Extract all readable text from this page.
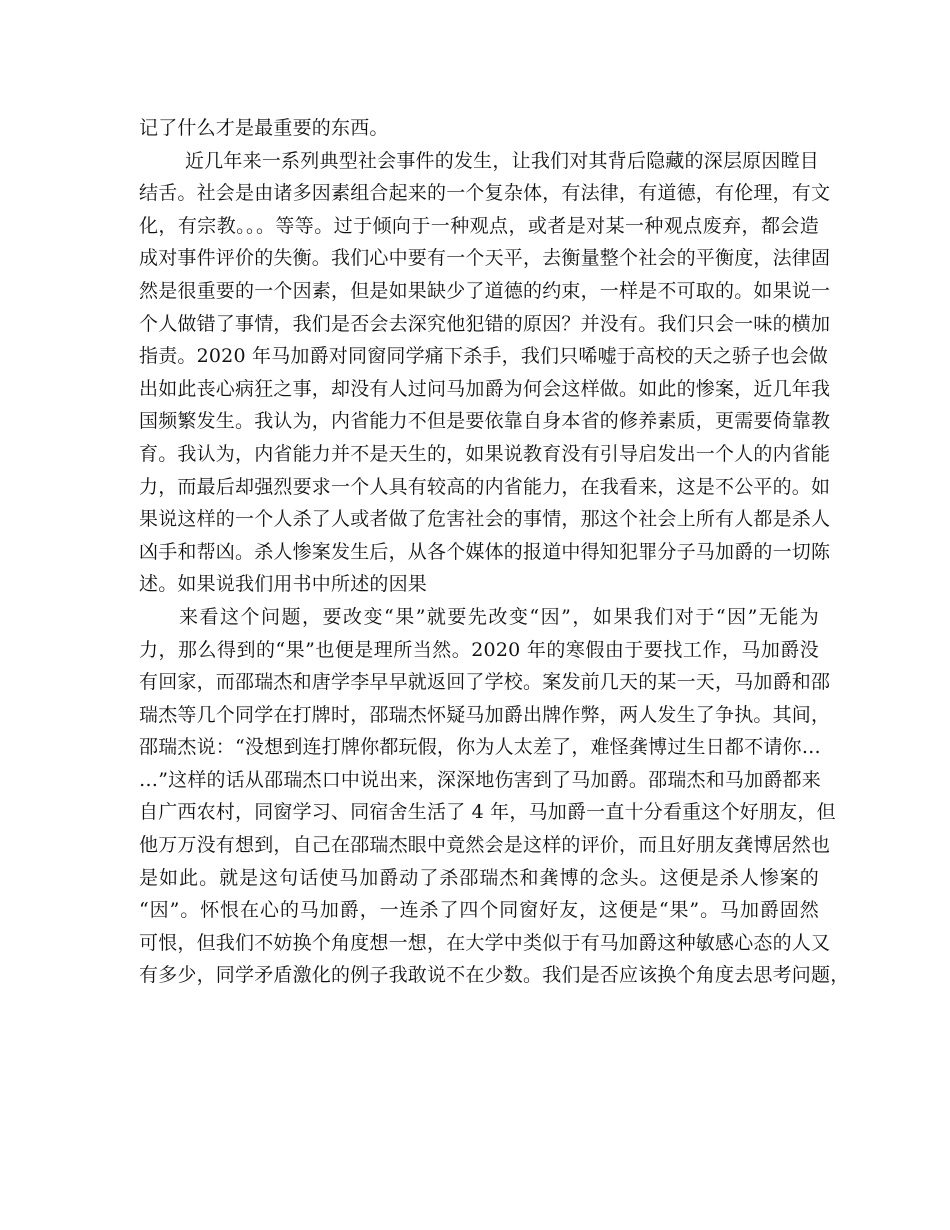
记了什么才是最重要的东西。
近几年来一系列典型社会事件的发生，让我们对其背后隐藏的深层原因瞠目
结舌。社会是由诸多因素组合起来的一个复杂体，有法律，有道德，有伦理，有文
化，有宗教。。。等等。过于倾向于一种观点，或者是对某一种观点废弃，都会造
成对事件评价的失衡。我们心中要有一个天平，去衡量整个社会的平衡度，法律固
然是很重要的一个因素，但是如果缺少了道德的约束，一样是不可取的。如果说一
个人做错了事情，我们是否会去深究他犯错的原因？并没有。我们只会一味的横加
指责。2020 年马加爵对同窗同学痛下杀手，我们只唏嘘于高校的天之骄子也会做
出如此丧心病狂之事，却没有人过问马加爵为何会这样做。如此的惨案，近几年我
国频繁发生。我认为，内省能力不但是要依靠自身本省的修养素质，更需要倚靠教
育。我认为，内省能力并不是天生的，如果说教育没有引导启发出一个人的内省能
力，而最后却强烈要求一个人具有较高的内省能力，在我看来，这是不公平的。如
果说这样的一个人杀了人或者做了危害社会的事情，那这个社会上所有人都是杀人
凶手和帮凶。杀人惨案发生后，从各个媒体的报道中得知犯罪分子马加爵的一切陈
述。如果说我们用书中所述的因果
来看这个问题，要改变“果”就要先改变“因”，如果我们对于“因”无能为
力，那么得到的“果”也便是理所当然。2020 年的寒假由于要找工作，马加爵没
有回家，而邵瑞杰和唐学李早早就返回了学校。案发前几天的某一天，马加爵和邵
瑞杰等几个同学在打牌时，邵瑞杰怀疑马加爵出牌作弊，两人发生了争执。其间，
邵瑞杰说：“没想到连打牌你都玩假，你为人太差了，难怪龚博过生日都不请你…
…”这样的话从邵瑞杰口中说出来，深深地伤害到了马加爵。邵瑞杰和马加爵都来
自广西农村，同窗学习、同宿舍生活了 4 年，马加爵一直十分看重这个好朋友，但
他万万没有想到，自己在邵瑞杰眼中竟然会是这样的评价，而且好朋友龚博居然也
是如此。就是这句话使马加爵动了杀邵瑞杰和龚博的念头。这便是杀人惨案的
“因”。怀恨在心的马加爵，一连杀了四个同窗好友，这便是“果”。马加爵固然
可恨，但我们不妨换个角度想一想，在大学中类似于有马加爵这种敏感心态的人又
有多少，同学矛盾激化的例子我敢说不在少数。我们是否应该换个角度去思考问题，
